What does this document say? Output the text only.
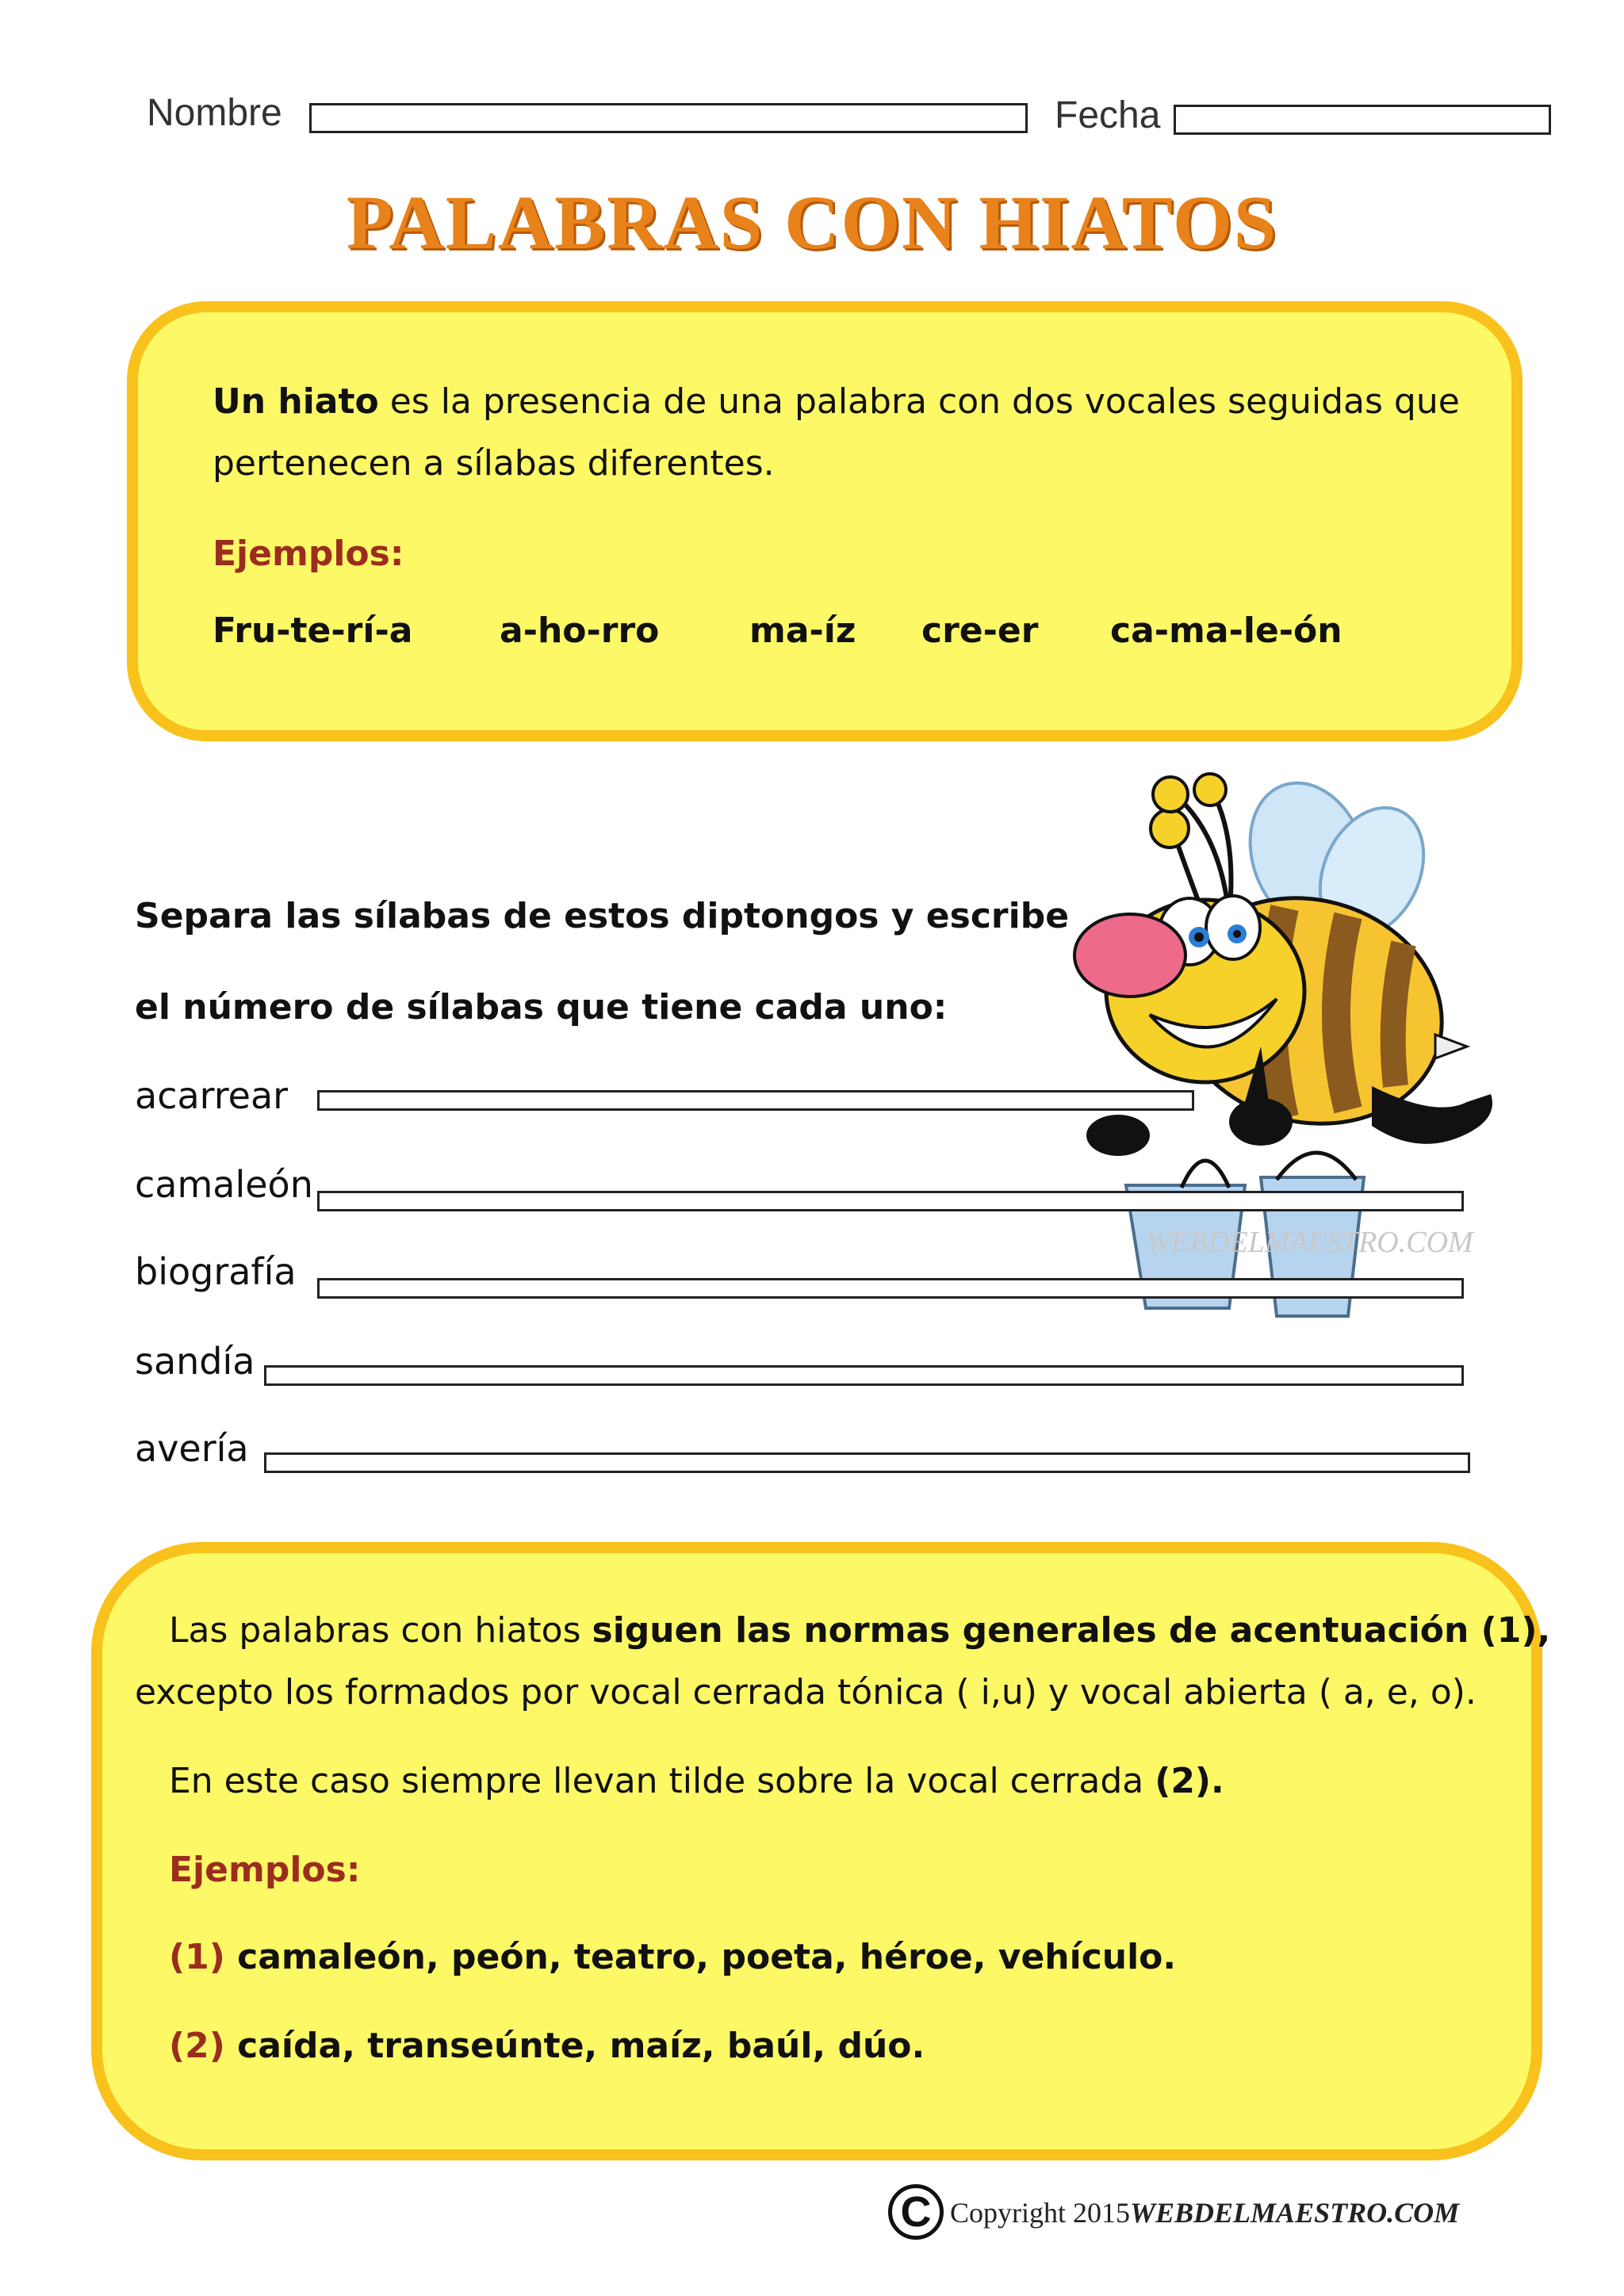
Nombre	Fecha
PALABRAS CON HIATOS
Un hiato es la presencia de una palabra con dos vocales seguidas que
pertenecen a sílabas diferentes.
Ejemplos:
Fru-te-rí-a a-ho-rro	ma-íz cre-er ca-ma-le-ón
WEBDELMAESTRO.COM
Separa las sílabas de estos diptongos y escribe
el número de sílabas que tiene cada uno:
acarrear
camaleón
biografía
sandía
avería
Las palabras con hiatos siguen las normas generales de acentuación (1),
excepto los formados por vocal cerrada tónica ( i,u) y vocal abierta ( a, e, o).
En este caso siempre llevan tilde sobre la vocal cerrada (2).
Ejemplos:
(1) camaleón, peón, teatro, poeta, héroe, vehículo.
(2) caída, transeúnte, maíz, baúl, dúo.
C Copyright 2015WEBDELMAESTRO.COM
